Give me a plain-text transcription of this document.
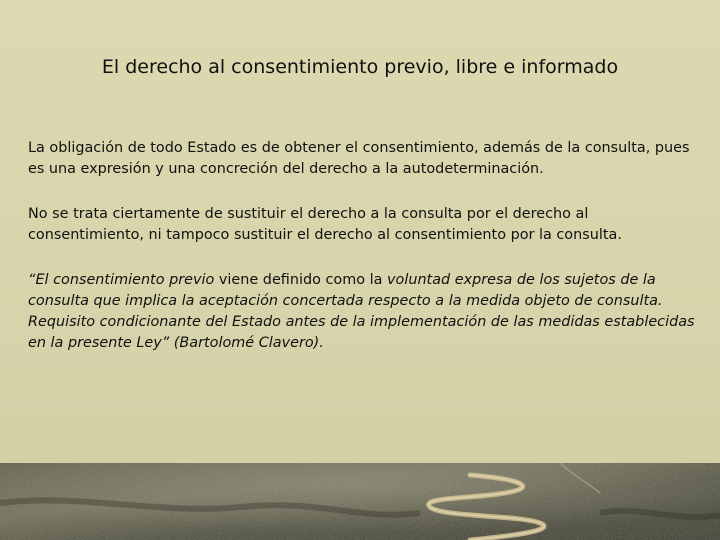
El derecho al consentimiento previo, libre e informado

La obligación de todo Estado es de obtener el consentimiento, además de la consulta, pues es una expresión y una concreción del derecho a la autodeterminación.

No se trata ciertamente de sustituir el derecho a la consulta por el derecho al consentimiento, ni tampoco sustituir el derecho al consentimiento por la consulta.

“El consentimiento previo viene definido como la voluntad expresa de los sujetos de la consulta que implica la aceptación concertada respecto a la medida objeto de consulta. Requisito condicionante del Estado antes de la implementación de las medidas establecidas en la presente Ley” (Bartolomé Clavero).
